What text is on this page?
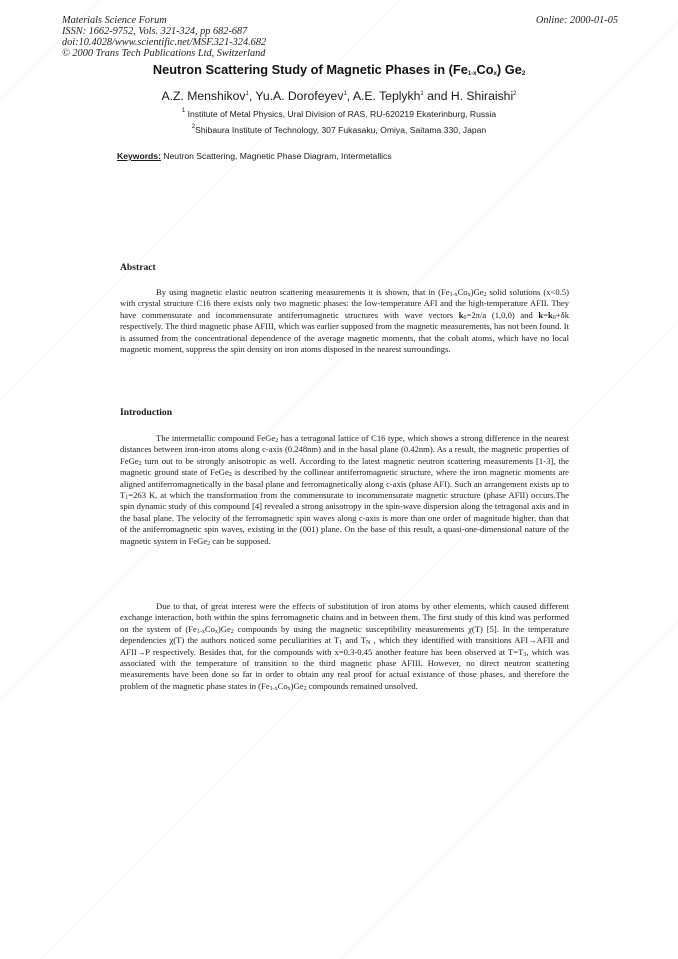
Materials Science Forum
ISSN: 1662-9752, Vols. 321-324, pp 682-687
doi:10.4028/www.scientific.net/MSF.321-324.682
© 2000 Trans Tech Publications Ltd, Switzerland
Online: 2000-01-05
Neutron Scattering Study of Magnetic Phases in $(Fe_{1-x}Co_x)$ $Ge_2$
A.Z. Menshikov$^1$, Yu.A. Dorofeyev$^1$, A.E. Teplykh$^1$ and H. Shiraishi$^2$
$^1$ Institute of Metal Physics, Ural Division of RAS, RU-620219 Ekaterinburg, Russia
$^2$Shibaura Institute of Technology, 307 Fukasaku, Omiya, Saitama 330, Japan
Keywords: Neutron Scattering, Magnetic Phase Diagram, Intermetallics
Abstract

By using magnetic elastic neutron scattering measurements it is shown, that in $(Fe_{1-x}Co_x)Ge_2$ solid solutions (x<0.5) with crystal structure C16 there exists only two magnetic phases: the low-temperature AFI and the high-temperature AFII. They have commensurate and incommensurate antiferromagnetic structures with wave vectors $k_0=2\pi/a$ (1,0,0) and $k=k_0+\delta k$ respectively. The third magnetic phase AFIII, which was earlier supposed from the magnetic measurements, has not been found. It is assumed from the concentrational dependence of the average magnetic moments, that the cobalt atoms, which have no local magnetic moment, suppress the spin density on iron atoms disposed in the nearest surroundings.

Introduction

The intermetallic compound FeGe$_2$ has a tetragonal lattice of C16 type, which shows a strong difference in the nearest distances between iron-iron atoms along c-axis (0.248nm) and in the basal plane (0.42nm). As a result, the magnetic properties of FeGe$_2$ turn out to be strongly anisotropic as well. According to the latest magnetic neutron scattering measurements [1-3], the magnetic ground state of FeGe$_2$ is described by the collinear antiferromagnetic structure, where the iron magnetic moments are aligned antiferromagnetically in the basal plane and ferromagnetically along c-axis (phase AFI). Such an arrangement exists up to $T_1=263$ K, at which the transformation from the commensurate to incommensurate magnetic structure (phase AFII) occurs.The spin dynamic study of this compound [4] revealed a strong anisotropy in the spin-wave dispersion along the tetragonal axis and in the basal plane. The velocity of the ferromagnetic spin waves along c-axis is more than one order of magnitude higher, than that of the aniferromagnetic spin waves, existing in the (001) plane. On the base of this result, a quasi-one-dimensional nature of the magnetic system in FeGe$_2$ can be supposed.

Due to that, of great interest were the effects of substitution of iron atoms by other elements, which caused different exchange interaction, both within the spins ferromagnetic chains and in between them. The first study of this kind was performed on the system of $(Fe_{1-x}Co_x)Ge_2$ compounds by using the magnetic susceptibility measurements χ(T) [5]. In the temperature dependencies χ(T) the authors noticed some peculiarities at $T_1$ and $T_N$ , which they identified with transitions AFI→AFII and AFII→P respectively. Besides that, for the compounds with x=0.3-0.45 another feature has been observed at $T=T_3$, which was associated with the temperature of transition to the third magnetic phase AFIII. However, no direct neutron scattering measurements have been done so far in order to obtain any real proof for actual existance of those phases, and therefore the problem of the magnetic phase states in $(Fe_{1-x}Co_x)Ge_2$ compounds remained unsolved.
